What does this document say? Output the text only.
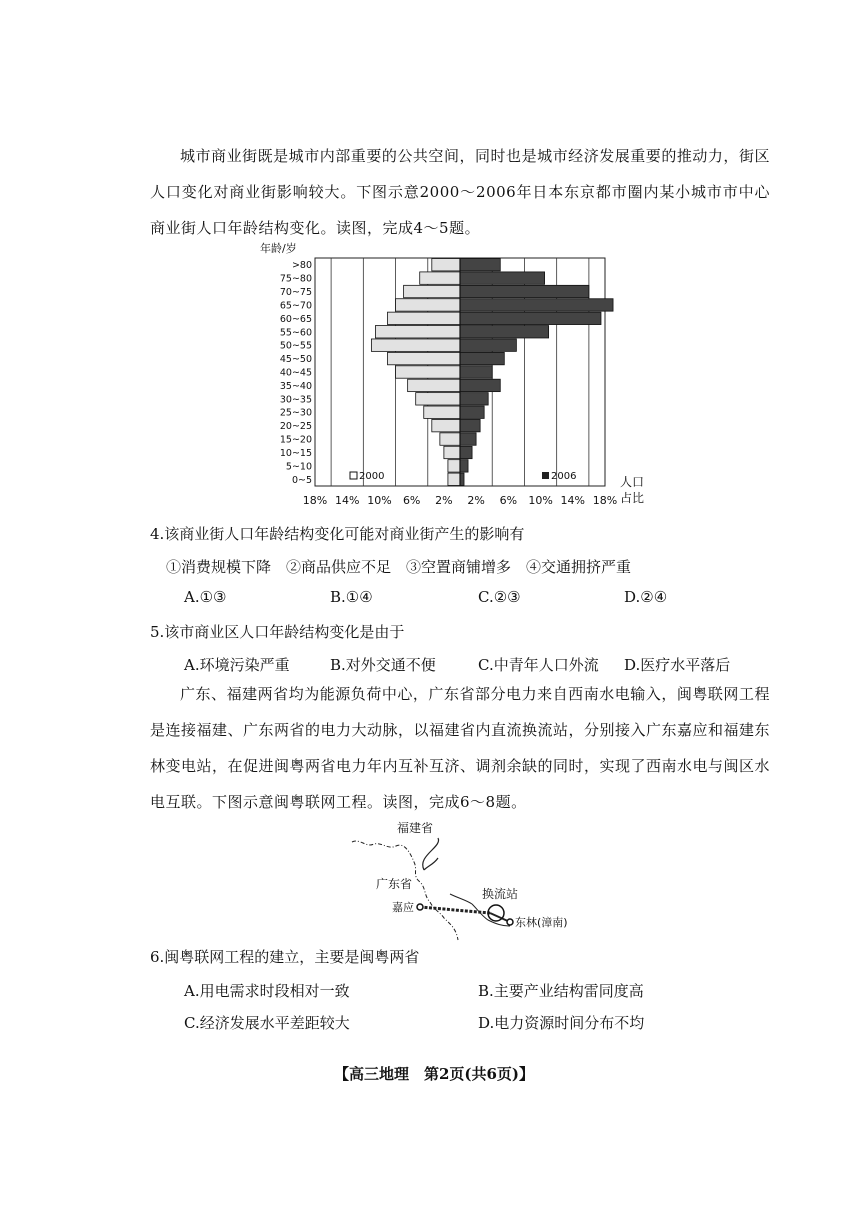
城市商业街既是城市内部重要的公共空间，同时也是城市经济发展重要的推动力，街区人口变化对商业街影响较大。下图示意2000～2006年日本东京都市圈内某小城市市中心商业街人口年龄结构变化。读图，完成4～5题。

年龄/岁
0~5
5~10
10~15
15~20
20~25
25~30
30~35
35~40
40~45
45~50
50~55
55~60
60~65
65~70
70~75
75~80
>80
18% 14% 10% 6% 2% 2% 6% 10% 14% 18%
2000	2006	人口
占比

4.该商业街人口年龄结构变化可能对商业街产生的影响有

①消费规模下降　②商品供应不足　③空置商铺增多　④交通拥挤严重

A.①③	B.①④	C.②③	D.②④

5.该市商业区人口年龄结构变化是由于

A.环境污染严重	B.对外交通不便	C.中青年人口外流 D.医疗水平落后

广东、福建两省均为能源负荷中心，广东省部分电力来自西南水电输入，闽粤联网工程是连接福建、广东两省的电力大动脉，以福建省内直流换流站，分别接入广东嘉应和福建东林变电站，在促进闽粤两省电力年内互补互济、调剂余缺的同时，实现了西南水电与闽区水电互联。下图示意闽粤联网工程。读图，完成6～8题。

福建省
广东省
换流站
嘉应
东林(漳南)

6.闽粤联网工程的建立，主要是闽粤两省

A.用电需求时段相对一致	B.主要产业结构雷同度高
C.经济发展水平差距较大	D.电力资源时间分布不均
【高三地理　第2页(共6页)】
